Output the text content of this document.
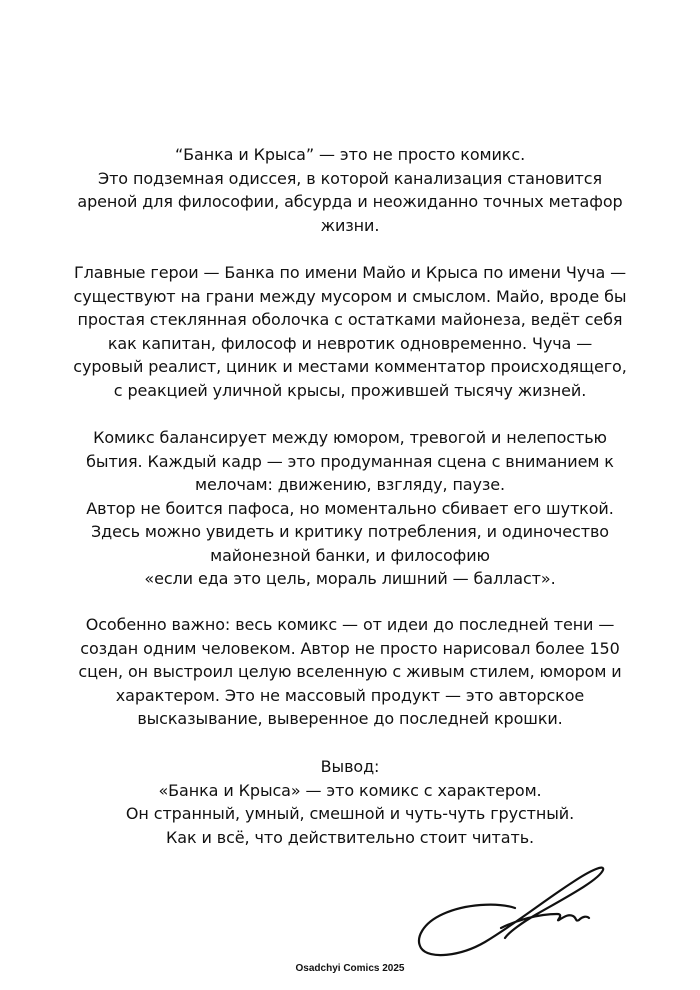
“Банка и Крыса” — это не просто комикс.
Это подземная одиссея, в которой канализация становится
ареной для философии, абсурда и неожиданно точных метафор
жизни.
Главные герои — Банка по имени Майо и Крыса по имени Чуча —
существуют на грани между мусором и смыслом. Майо, вроде бы
простая стеклянная оболочка с остатками майонеза, ведёт себя
как капитан, философ и невротик одновременно. Чуча —
суровый реалист, циник и местами комментатор происходящего,
с реакцией уличной крысы, прожившей тысячу жизней.
Комикс балансирует между юмором, тревогой и нелепостью
бытия. Каждый кадр — это продуманная сцена с вниманием к
мелочам: движению, взгляду, паузе.
Автор не боится пафоса, но моментально сбивает его шуткой.
Здесь можно увидеть и критику потребления, и одиночество
майонезной банки, и философию
«если еда это цель, мораль лишний — балласт».
Особенно важно: весь комикс — от идеи до последней тени —
создан одним человеком. Автор не просто нарисовал более 150
сцен, он выстроил целую вселенную с живым стилем, юмором и
характером. Это не массовый продукт — это авторское
высказывание, выверенное до последней крошки.
Вывод:
«Банка и Крыса» — это комикс с характером.
Он странный, умный, смешной и чуть-чуть грустный.
Как и всё, что действительно стоит читать.
Osadchyi Comics 2025
